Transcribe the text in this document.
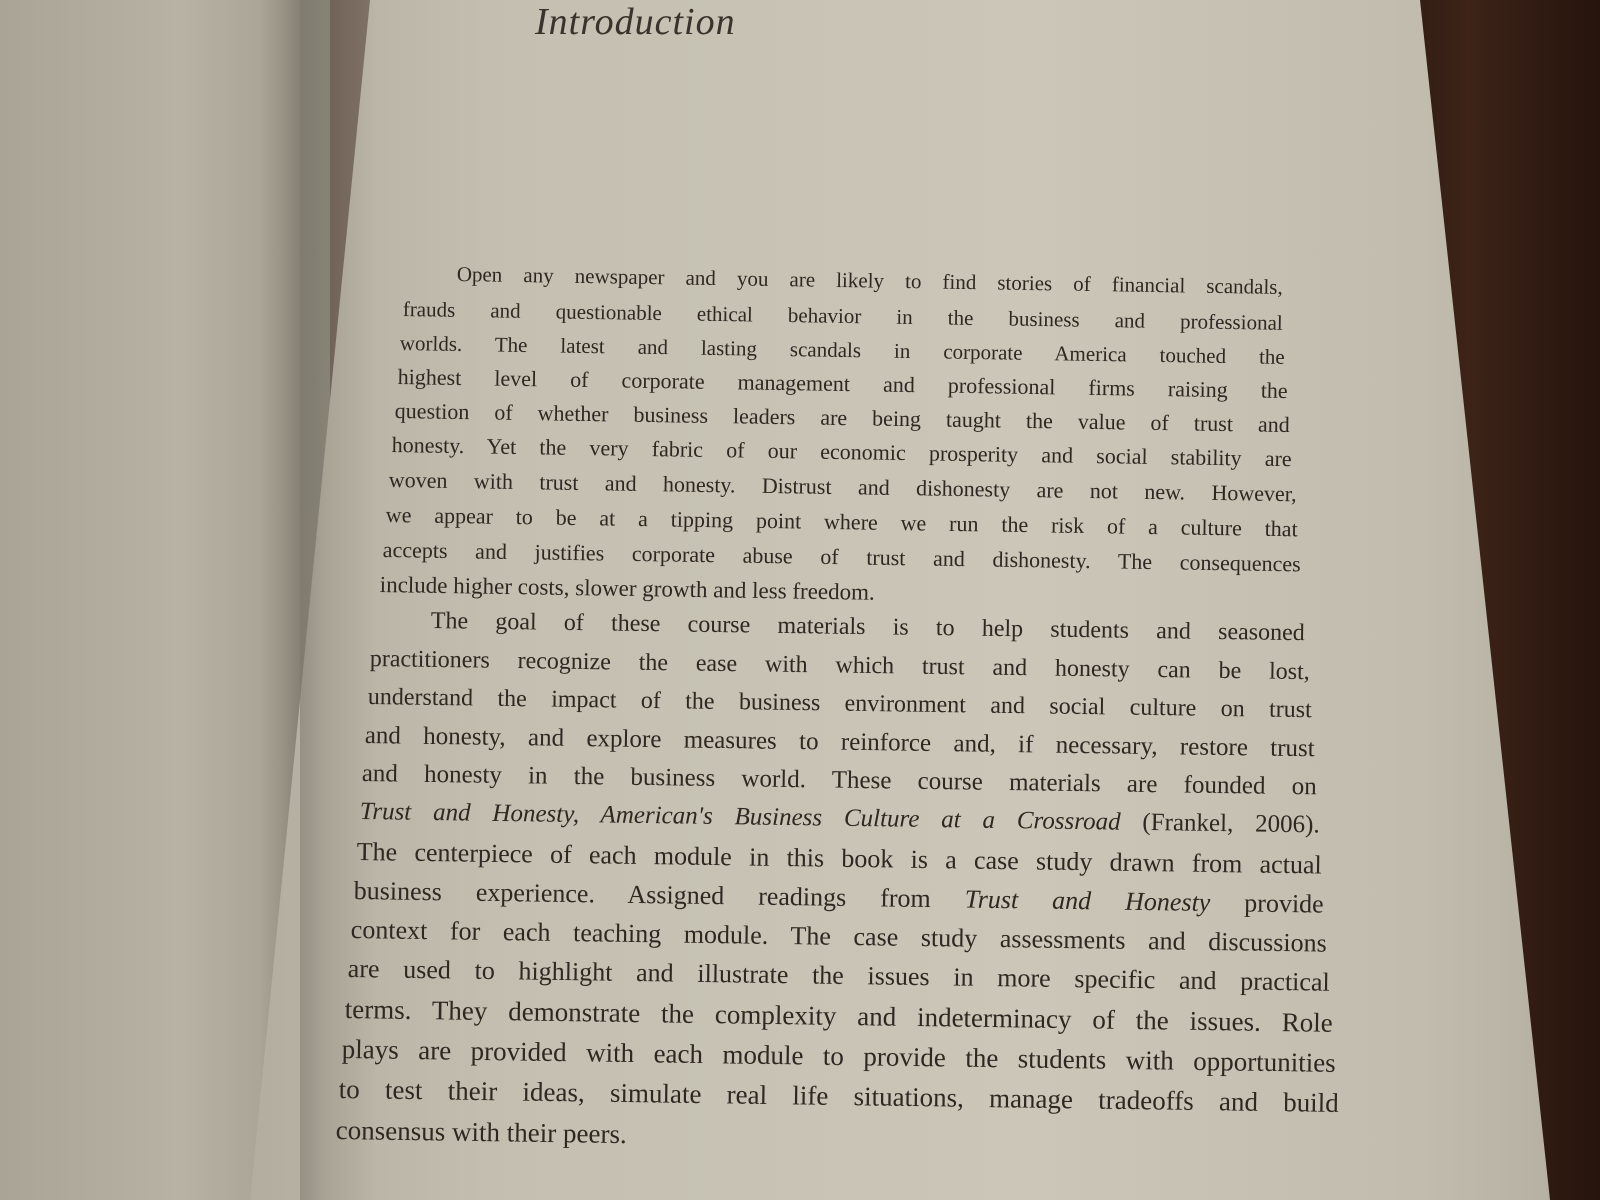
Introduction
Open any newspaper and you are likely to find stories of financial scandals,
frauds and questionable ethical behavior in the business and professional
worlds. The latest and lasting scandals in corporate America touched the
highest level of corporate management and professional firms raising the
question of whether business leaders are being taught the value of trust and
honesty. Yet the very fabric of our economic prosperity and social stability are
woven with trust and honesty. Distrust and dishonesty are not new. However,
we appear to be at a tipping point where we run the risk of a culture that
accepts and justifies corporate abuse of trust and dishonesty. The consequences
include higher costs, slower growth and less freedom.
The goal of these course materials is to help students and seasoned
practitioners recognize the ease with which trust and honesty can be lost,
understand the impact of the business environment and social culture on trust
and honesty, and explore measures to reinforce and, if necessary, restore trust
and honesty in the business world. These course materials are founded on
Trust and Honesty, American's Business Culture at a Crossroad (Frankel, 2006).
The centerpiece of each module in this book is a case study drawn from actual
business experience. Assigned readings from Trust and Honesty provide
context for each teaching module. The case study assessments and discussions
are used to highlight and illustrate the issues in more specific and practical
terms. They demonstrate the complexity and indeterminacy of the issues. Role
plays are provided with each module to provide the students with opportunities
to test their ideas, simulate real life situations, manage tradeoffs and build
consensus with their peers.
